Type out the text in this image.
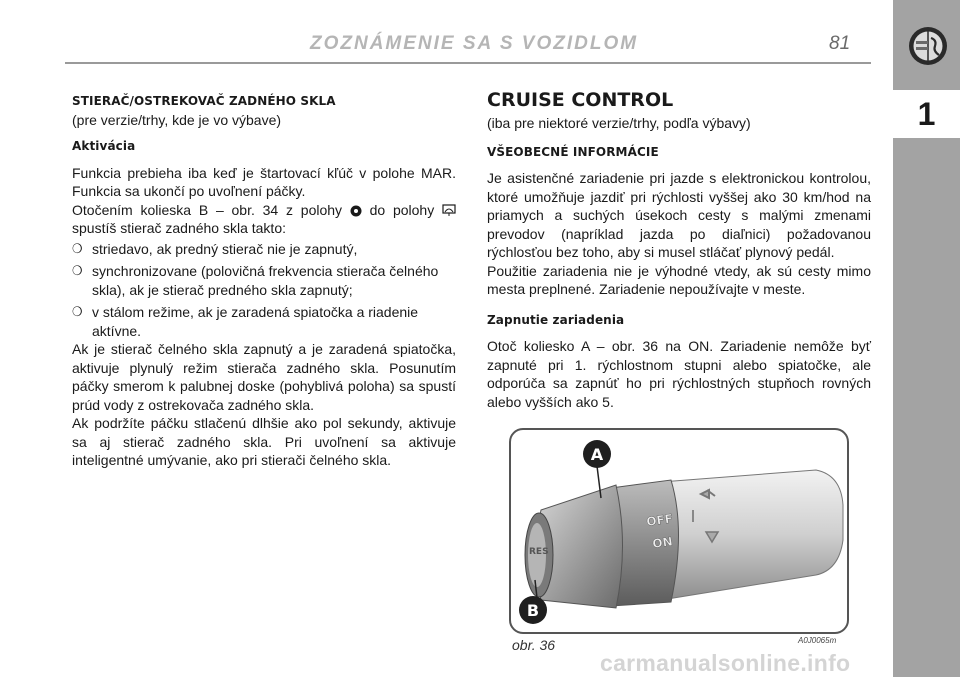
ZOZNÁMENIE SA S VOZIDLOM	81
1
STIERAČ/OSTREKOVAČ ZADNÉHO SKLA
(pre verzie/trhy, kde je vo výbave)
Aktivácia
Funkcia prebieha iba keď je štartovací kľúč v polohe MAR. Funkcia sa ukončí po uvoľnení páčky.
Otočením kolieska B – obr. 34 z polohy do polohy  spustíš stierač zadného skla takto:
❍ striedavo, ak predný stierač nie je zapnutý,
❍ synchronizovane (polovičná frekvencia stierača čelného skla), ak je stierač predného skla zapnutý;
❍ v stálom režime, ak je zaradená spiatočka a riadenie aktívne.
Ak je stierač čelného skla zapnutý a je zaradená spiatočka, aktivuje plynulý režim stierača zadného skla. Posunutím páčky smerom k palubnej doske (pohyblivá poloha) sa spustí prúd vody z ostrekovača zadného skla.
Ak podržíte páčku stlačenú dlhšie ako pol sekundy, aktivuje sa aj stierač zadného skla. Pri uvoľnení sa aktivuje inteligentné umývanie, ako pri stierači čelného skla.
CRUISE CONTROL
(iba pre niektoré verzie/trhy, podľa výbavy)
VŠEOBECNÉ INFORMÁCIE
Je asistenčné zariadenie pri jazde s elektronickou kontrolou, ktoré umožňuje jazdiť pri rýchlosti vyššej ako 30 km/hod na priamych a suchých úsekoch cesty s malými zmenami prevodov (napríklad jazda po diaľnici) požadovanou rýchlosťou bez toho, aby si musel stláčať plynový pedál.
Použitie zariadenia nie je výhodné vtedy, ak sú cesty mimo mesta preplnené. Zariadenie nepoužívajte v meste.
Zapnutie zariadenia
Otoč koliesko A – obr. 36 na ON. Zariadenie nemôže byť zapnuté pri 1. rýchlostnom stupni alebo spiatočke, ale odporúča sa zapnúť ho pri rýchlostných stupňoch rovných alebo vyšších ako 5.
OFF
ON
RES
A
B
obr. 36	A0J0065m
carmanualsonline.info
